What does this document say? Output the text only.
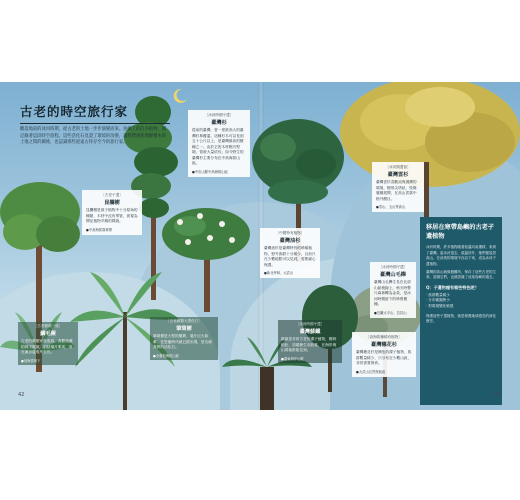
古老的時空旅行家
觀落地前的冰河時期，從古老的土地一步步演變而來。島嶼上的許多植物，都記錄著這段時空旅程。這些活化石見證了環境的改變，讓我們重新理解樹木與土地之間的關係，也認識那些從遠古倖存至今的旅行家。
［冰河時期孑遺］
臺灣杉
從前的臺灣，曾一度被高大的臺灣杉林覆蓋。這種杉木可以長到五十公尺以上，是臺灣最高的樹種之一。由於它的木材輕巧堅韌，曾被大量砍伐；如今野生的臺灣杉主要分布在中高海拔山區。
● 中央山脈中高海拔山區
［冰河期遺留］
臺灣雲杉
臺灣雲杉喜歡涼爽濕潤的環境，樹形尖塔狀，枝條層層展開，在高山雲霧中格外醒目。
● 雪山、玉山等高山
［中國特有植物］
臺灣油杉
臺灣油杉是臺灣特有的珍稀植物，野外族群十分稀少，目前只在少數地點可以見到，需要細心保護。
● 新北坪林、大武山
［古老孑遺］
昆欄樹
昆欄樹是被子植物中十分原始的種類，木材中沒有導管，被視為開花植物早期的樣貌。
● 中高海拔霧林帶
［古老蕨類大型化石］
筆筒樹
筆筒樹是大型的樹蕨，葉片巨大如傘，在恐龍時代就已經出現，是名副其實的活化石。
● 全臺低海拔山區
［古老樹蕨一族］
鱗毛蕨
古老的蕨類家族成員，喜歡陰濕的林下環境，羽狀葉片柔美，常在溪谷邊成片生長。
● 低海拔林下
［冰河時期孑遺］
臺灣蘇鐵
蘇鐵是非常古老的裸子植物，樹幹粗壯，頂端叢生羽狀葉，在海岸與山坡地都能見到。
● 臺東海岸山脈
［冰河時期孑遺］
臺灣山毛櫸
臺灣山毛櫸生長在北部山區稜線上，秋天時整片森林轉為金黃，是冰河時期留下的珍貴樹種。
● 宜蘭太平山、拉拉山
［高海拔種稀有植物］
臺灣穗花杉
臺灣穗花杉是瀕危的裸子植物，族群數量稀少，只分布在少數山區，非常需要保育。
● 大武山自然保留區
移居在寒帶島嶼的古老孑遺植物
冰河時期，許多植物隨著低溫向南遷移，來到了臺灣。當冰河退去，氣溫回升，牠們便退居高山，在涼爽的環境中存活下來，成為冰河孑遺植物。
臺灣的高山就像避難所，保存了這些古老的生命。認識它們，也就認識了這座島嶼的過去。
Q：子遺物種有哪些特色呢？
‧ 族群數量稀少
‧ 分布範圍狹小
‧ 對環境變化敏感
保護這些孑遺植物，就是保護地球漫長的演化歷史。
42	43
